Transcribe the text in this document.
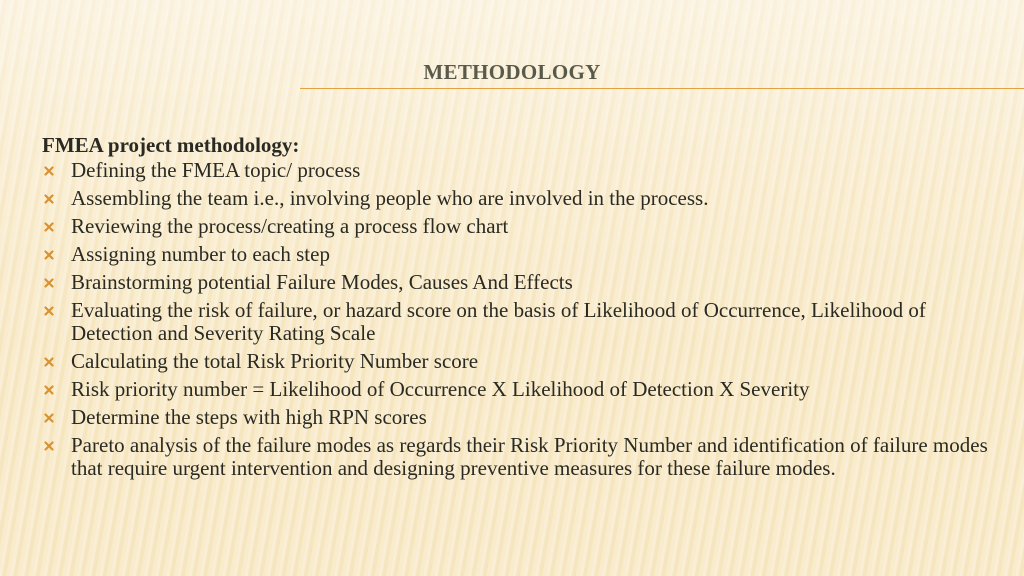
METHODOLOGY

FMEA project methodology:

Defining the FMEA topic/ process
Assembling the team i.e., involving people who are involved in the process.
Reviewing the process/creating a process flow chart
Assigning number to each step
Brainstorming potential Failure Modes, Causes And Effects
Evaluating the risk of failure, or hazard score on the basis of Likelihood of Occurrence, Likelihood of Detection and Severity Rating Scale
Calculating the total Risk Priority Number score
Risk priority number = Likelihood of Occurrence X Likelihood of Detection X Severity
Determine the steps with high RPN scores
Pareto analysis of the failure modes as regards their Risk Priority Number and identification of failure modes that require urgent intervention and designing preventive measures for these failure modes.
